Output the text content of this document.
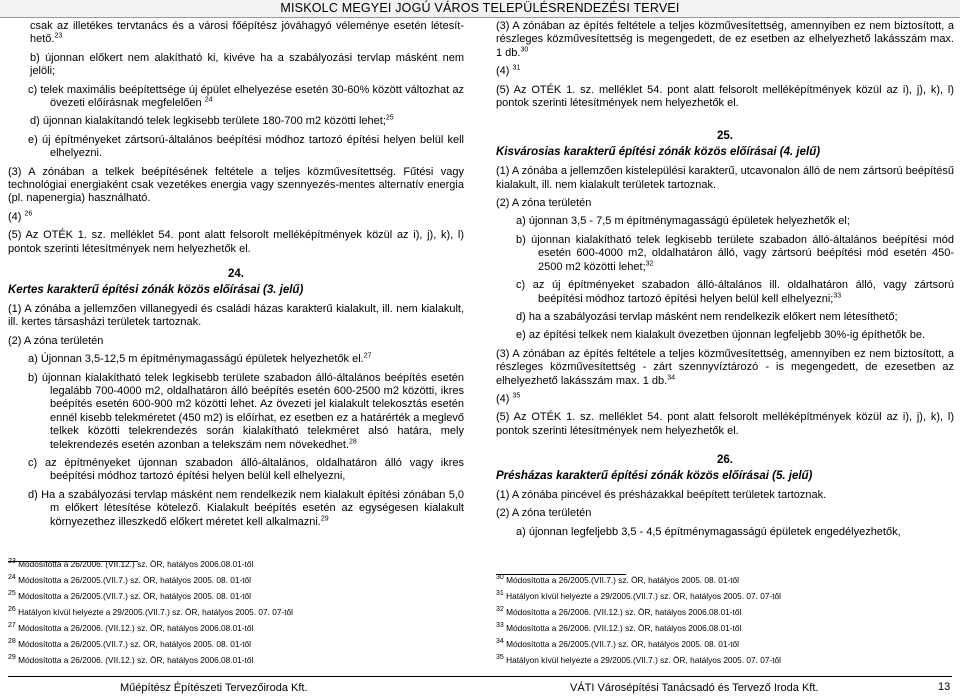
MISKOLC MEGYEI JOGÚ VÁROS TELEPÜLÉSRENDEZÉSI TERVEI

csak az illetékes tervtanács és a városi főépítész jóváhagyó véleménye esetén létesít-hető.$^{23}$

b) újonnan előkert nem alakítható ki, kivéve ha a szabályozási tervlap másként nem jelöli;

c) telek maximális beépítettsége új épület elhelyezése esetén 30-60% között változhat az övezeti előírásnak megfelelően $^{24}$

d) újonnan kialakítandó telek legkisebb területe 180-700 m2 közötti lehet;$^{25}$

e) új építményeket zártsorú-általános beépítési módhoz tartozó építési helyen belül kell elhelyezni.

(3) A zónában a telkek beépítésének feltétele a teljes közművesítettség. Fűtési vagy technológiai energiaként csak vezetékes energia vagy szennyezés-mentes alternatív energia (pl. napenergia) használható.

(4) $^{26}$

(5) Az OTÉK 1. sz. melléklet 54. pont alatt felsorolt melléképítmények közül az i), j), k), l) pontok szerinti létesítmények nem helyezhetők el.

24.
Kertes karakterű építési zónák közös előírásai (3. jelű)

(1) A zónába a jellemzően villanegyedi és családi házas karakterű kialakult, ill. nem kialakult, ill. kertes társasházi területek tartoznak.

(2) A zóna területén

a) Újonnan 3,5-12,5 m építménymagasságú épületek helyezhetők el.$^{27}$

b) újonnan kialakítható telek legkisebb területe szabadon álló-általános beépítés esetén legalább 700-4000 m2, oldalhatáron álló beépítés esetén 600-2500 m2 közötti, ikres beépítés esetén 600-900 m2 közötti lehet. Az övezeti jel kialakult telekosztás esetén ennél kisebb telekméretet (450 m2) is előírhat, ez esetben ez a határérték a meglevő telkek közötti telekrendezés során kialakítható telekméret alsó határa, mely telekrendezés esetén azonban a telekszám nem növekedhet.$^{28}$

c) az építményeket újonnan szabadon álló-általános, oldalhatáron álló vagy ikres beépítési módhoz tartozó építési helyen belül kell elhelyezni,

d) Ha a szabályozási tervlap másként nem rendelkezik nem kialakult építési zónában 5,0 m előkert létesítése kötelező. Kialakult beépítés esetén az egységesen kialakult környezethez illeszkedő előkert méretet kell alkalmazni.$^{29}$

$^{23}$ Módosította a 26/2006. (VII.12.) sz. ÖR, hatályos 2006.08.01-től
$^{24}$ Módosította a 26/2005.(VII.7.) sz. ÖR, hatályos 2005. 08. 01-től
$^{25}$ Módosította a 26/2005.(VII.7.) sz. ÖR, hatályos 2005. 08. 01-től
$^{26}$ Hatályon kívül helyezte a 29/2005.(VII.7.) sz. ÖR, hatályos 2005. 07. 07-től
$^{27}$ Módosította a 26/2006. (VII.12.) sz. ÖR, hatályos 2006.08.01-től
$^{28}$ Módosította a 26/2005.(VII.7.) sz. ÖR, hatályos 2005. 08. 01-től
$^{29}$ Módosította a 26/2006. (VII.12.) sz. ÖR, hatályos 2006.08.01-től

(3) A zónában az építés feltétele a teljes közművesítettség, amennyiben ez nem biztosított, a részleges közművesítettség is megengedett, de ez esetben az elhelyezhető lakásszám max. 1 db.$^{30}$

(4) $^{31}$

(5) Az OTÉK 1. sz. melléklet 54. pont alatt felsorolt melléképítmények közül az i), j), k), l) pontok szerinti létesítmények nem helyezhetők el.

25.
Kisvárosias karakterű építési zónák közös előírásai (4. jelű)

(1) A zónába a jellemzően kistelepülési karakterű, utcavonalon álló de nem zártsorú beépítésű kialakult, ill. nem kialakult területek tartoznak.

(2) A zóna területén

a) újonnan 3,5 - 7,5 m építménymagasságú épületek helyezhetők el;

b) újonnan kialakítható telek legkisebb területe szabadon álló-általános beépítési mód esetén 600-4000 m2, oldalhatáron álló, vagy zártsorú beépítési mód esetén 450-2500 m2 közötti lehet;$^{32}$

c) az új építményeket szabadon álló-általános ill. oldalhatáron álló, vagy zártsorú beépítési módhoz tartozó építési helyen belül kell elhelyezni;$^{33}$

d) ha a szabályozási tervlap másként nem rendelkezik előkert nem létesíthető;

e) az építési telkek nem kialakult övezetben újonnan legfeljebb 30%-ig építhetők be.

(3) A zónában az építés feltétele a teljes közművesítettség, amennyiben ez nem biztosított, a részleges közművesítettség - zárt szennyvíztározó - is megengedett, de ezesetben az elhelyezhető lakásszám max. 1 db.$^{34}$

(4) $^{35}$

(5) Az OTÉK 1. sz. melléklet 54. pont alatt felsorolt melléképítmények közül az i), j), k), l) pontok szerinti létesítmények nem helyezhetők el.

26.
Présházas karakterű építési zónák közös előírásai (5. jelű)

(1) A zónába pincével és présházakkal beépített területek tartoznak.

(2) A zóna területén

a) újonnan legfeljebb 3,5 - 4,5 építménymagasságú épületek engedélyezhetők,

$^{30}$ Módosította a 26/2005.(VII.7.) sz. ÖR, hatályos 2005. 08. 01-től
$^{31}$ Hatályon kívül helyezte a 29/2005.(VII.7.) sz. ÖR, hatályos 2005. 07. 07-től
$^{32}$ Módosította a 26/2006. (VII.12.) sz. ÖR, hatályos 2006.08.01-től
$^{33}$ Módosította a 26/2006. (VII.12.) sz. ÖR, hatályos 2006.08.01-től
$^{34}$ Módosította a 26/2005.(VII.7.) sz. ÖR, hatályos 2005. 08. 01-től
$^{35}$ Hatályon kívül helyezte a 29/2005.(VII.7.) sz. ÖR, hatályos 2005. 07. 07-től
Műépítész Építészeti Tervezőiroda Kft.	VÁTI Városépítési Tanácsadó és Tervező Iroda Kft.	13
